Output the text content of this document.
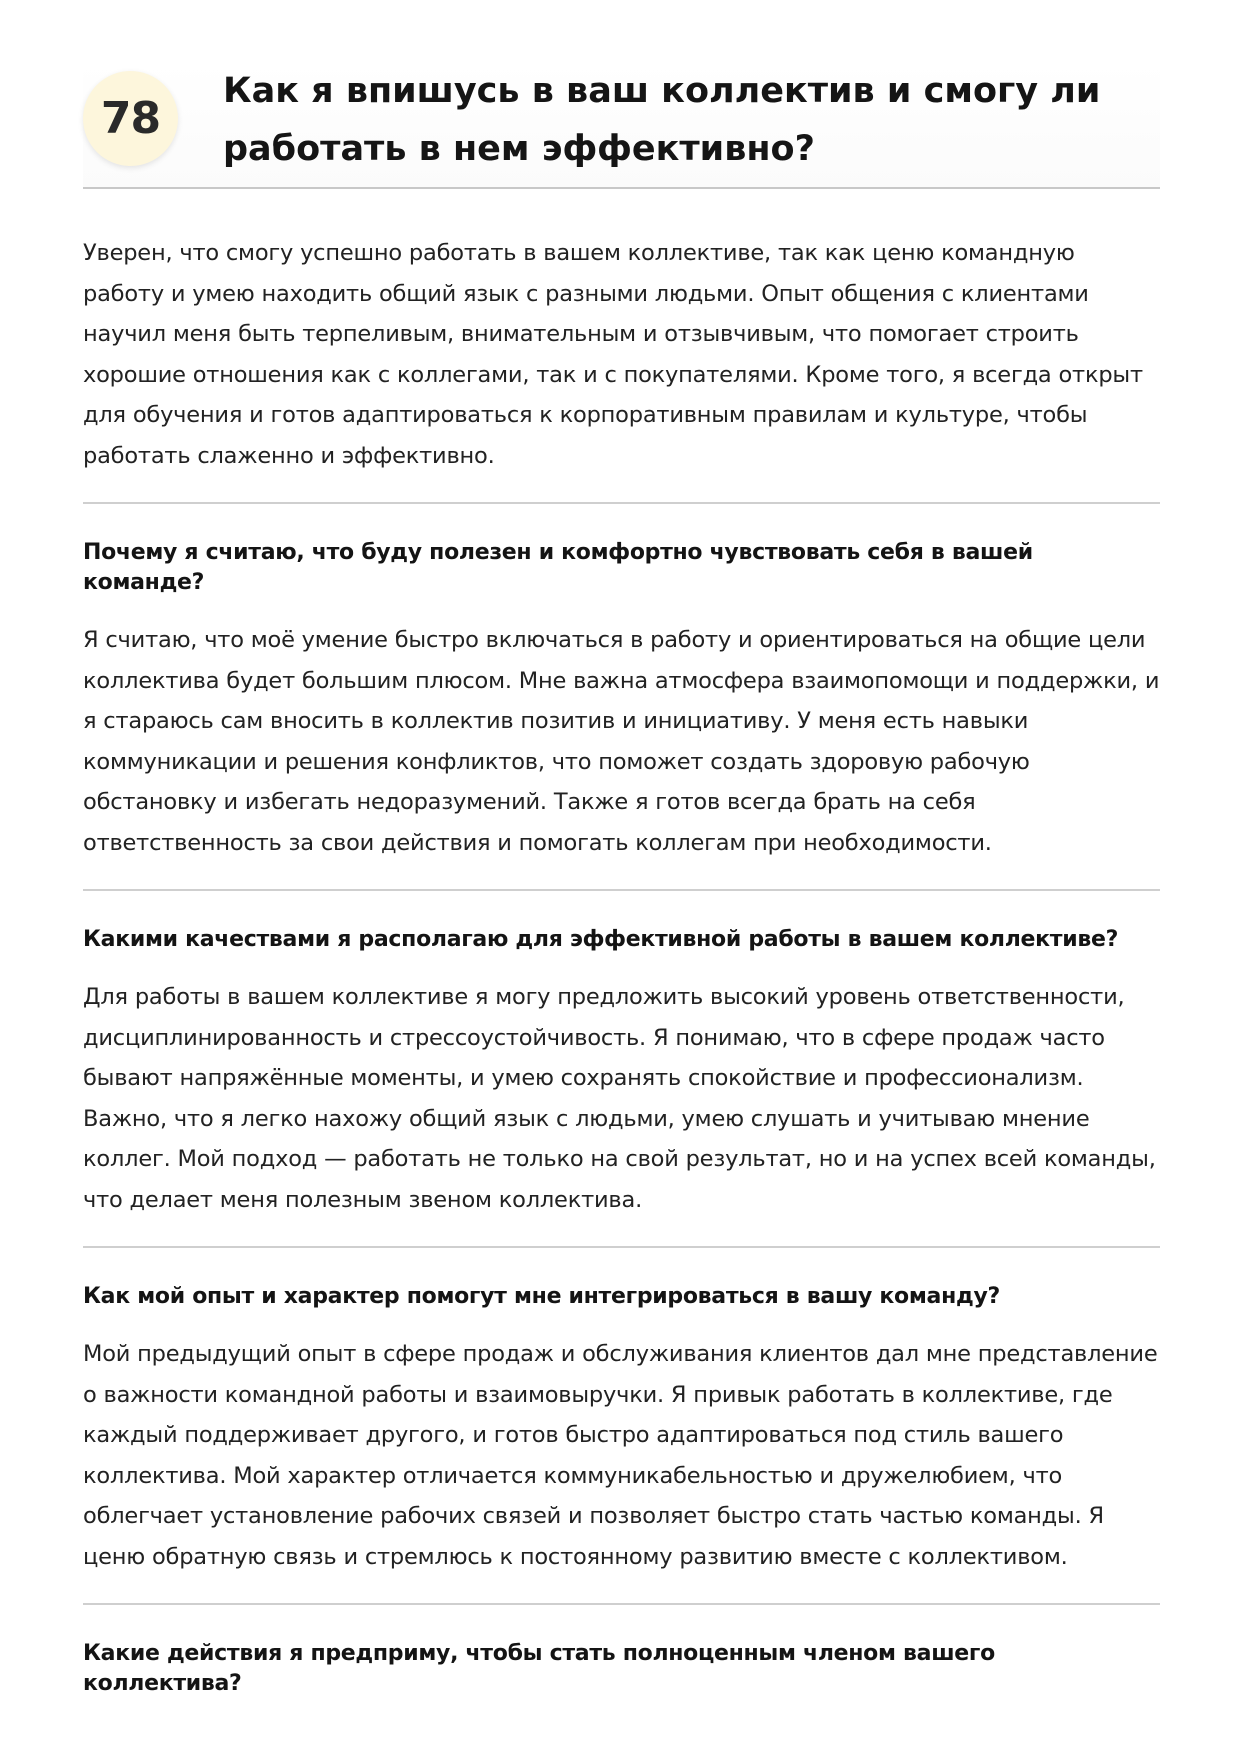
78
Как я впишусь в ваш коллектив и смогу ли работать в нем эффективно?

Уверен, что смогу успешно работать в вашем коллективе, так как ценю командную работу и умею находить общий язык с разными людьми. Опыт общения с клиентами научил меня быть терпеливым, внимательным и отзывчивым, что помогает строить хорошие отношения как с коллегами, так и с покупателями. Кроме того, я всегда открыт для обучения и готов адаптироваться к корпоративным правилам и культуре, чтобы работать слаженно и эффективно.

Почему я считаю, что буду полезен и комфортно чувствовать себя в вашей команде?

Я считаю, что моё умение быстро включаться в работу и ориентироваться на общие цели коллектива будет большим плюсом. Мне важна атмосфера взаимопомощи и поддержки, и я стараюсь сам вносить в коллектив позитив и инициативу. У меня есть навыки коммуникации и решения конфликтов, что поможет создать здоровую рабочую обстановку и избегать недоразумений. Также я готов всегда брать на себя ответственность за свои действия и помогать коллегам при необходимости.

Какими качествами я располагаю для эффективной работы в вашем коллективе?

Для работы в вашем коллективе я могу предложить высокий уровень ответственности, дисциплинированность и стрессоустойчивость. Я понимаю, что в сфере продаж часто бывают напряжённые моменты, и умею сохранять спокойствие и профессионализм. Важно, что я легко нахожу общий язык с людьми, умею слушать и учитываю мнение коллег. Мой подход — работать не только на свой результат, но и на успех всей команды, что делает меня полезным звеном коллектива.

Как мой опыт и характер помогут мне интегрироваться в вашу команду?

Мой предыдущий опыт в сфере продаж и обслуживания клиентов дал мне представление о важности командной работы и взаимовыручки. Я привык работать в коллективе, где каждый поддерживает другого, и готов быстро адаптироваться под стиль вашего коллектива. Мой характер отличается коммуникабельностью и дружелюбием, что облегчает установление рабочих связей и позволяет быстро стать частью команды. Я ценю обратную связь и стремлюсь к постоянному развитию вместе с коллективом.

Какие действия я предприму, чтобы стать полноценным членом вашего коллектива?
